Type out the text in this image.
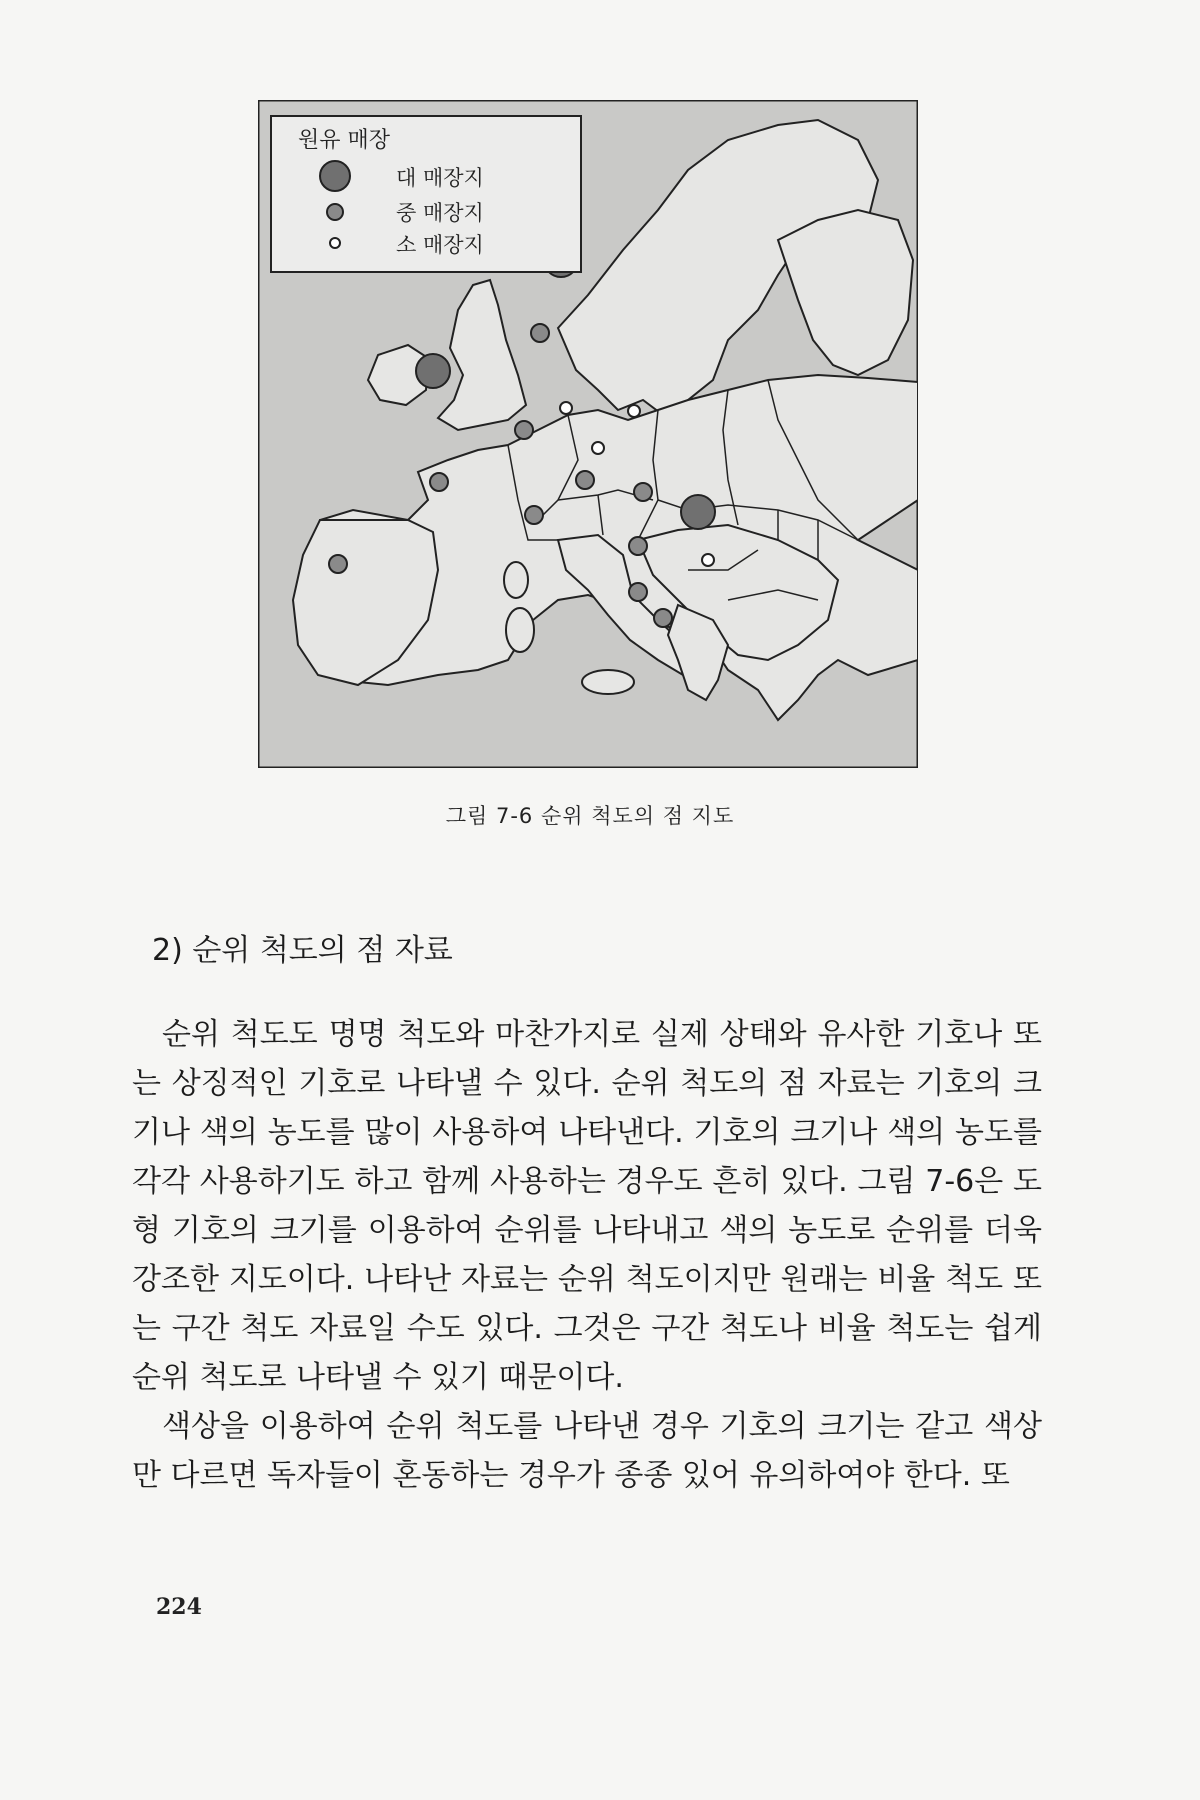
원유 매장
대 매장지
중 매장지
소 매장지
그림 7-6 순위 척도의 점 지도
2) 순위 척도의 점 자료

순위 척도도 명명 척도와 마찬가지로 실제 상태와 유사한 기호나 또는 상징적인 기호로 나타낼 수 있다. 순위 척도의 점 자료는 기호의 크기나 색의 농도를 많이 사용하여 나타낸다. 기호의 크기나 색의 농도를 각각 사용하기도 하고 함께 사용하는 경우도 흔히 있다. 그림 7-6은 도형 기호의 크기를 이용하여 순위를 나타내고 색의 농도로 순위를 더욱 강조한 지도이다. 나타난 자료는 순위 척도이지만 원래는 비율 척도 또는 구간 척도 자료일 수도 있다. 그것은 구간 척도나 비율 척도는 쉽게 순위 척도로 나타낼 수 있기 때문이다.

색상을 이용하여 순위 척도를 나타낸 경우 기호의 크기는 같고 색상만 다르면 독자들이 혼동하는 경우가 종종 있어 유의하여야 한다. 또

224
